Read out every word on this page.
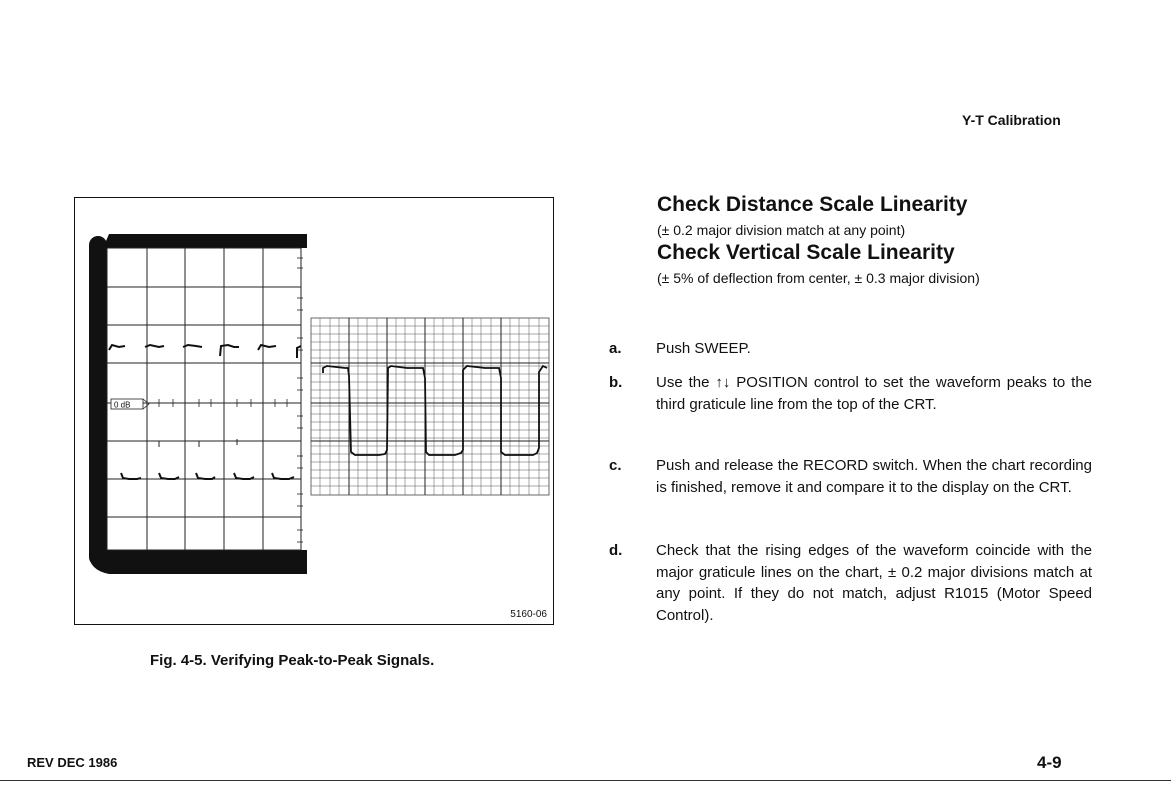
Y-T Calibration
0 dB
5160-06
Fig. 4-5. Verifying Peak-to-Peak Signals.
Check Distance Scale Linearity
(± 0.2 major division match at any point)
Check Vertical Scale Linearity
(± 5% of deflection from center, ± 0.3 major division)
a.	Push SWEEP.
b.	Use the ↑↓ POSITION control to set the waveform peaks to the third graticule line from the top of the CRT.
c.	Push and release the RECORD switch. When the chart recording is finished, remove it and compare it to the display on the CRT.
d.	Check that the rising edges of the waveform coincide with the major graticule lines on the chart, ± 0.2 major divisions match at any point. If they do not match, adjust R1015 (Motor Speed Control).
REV DEC 1986	4-9
